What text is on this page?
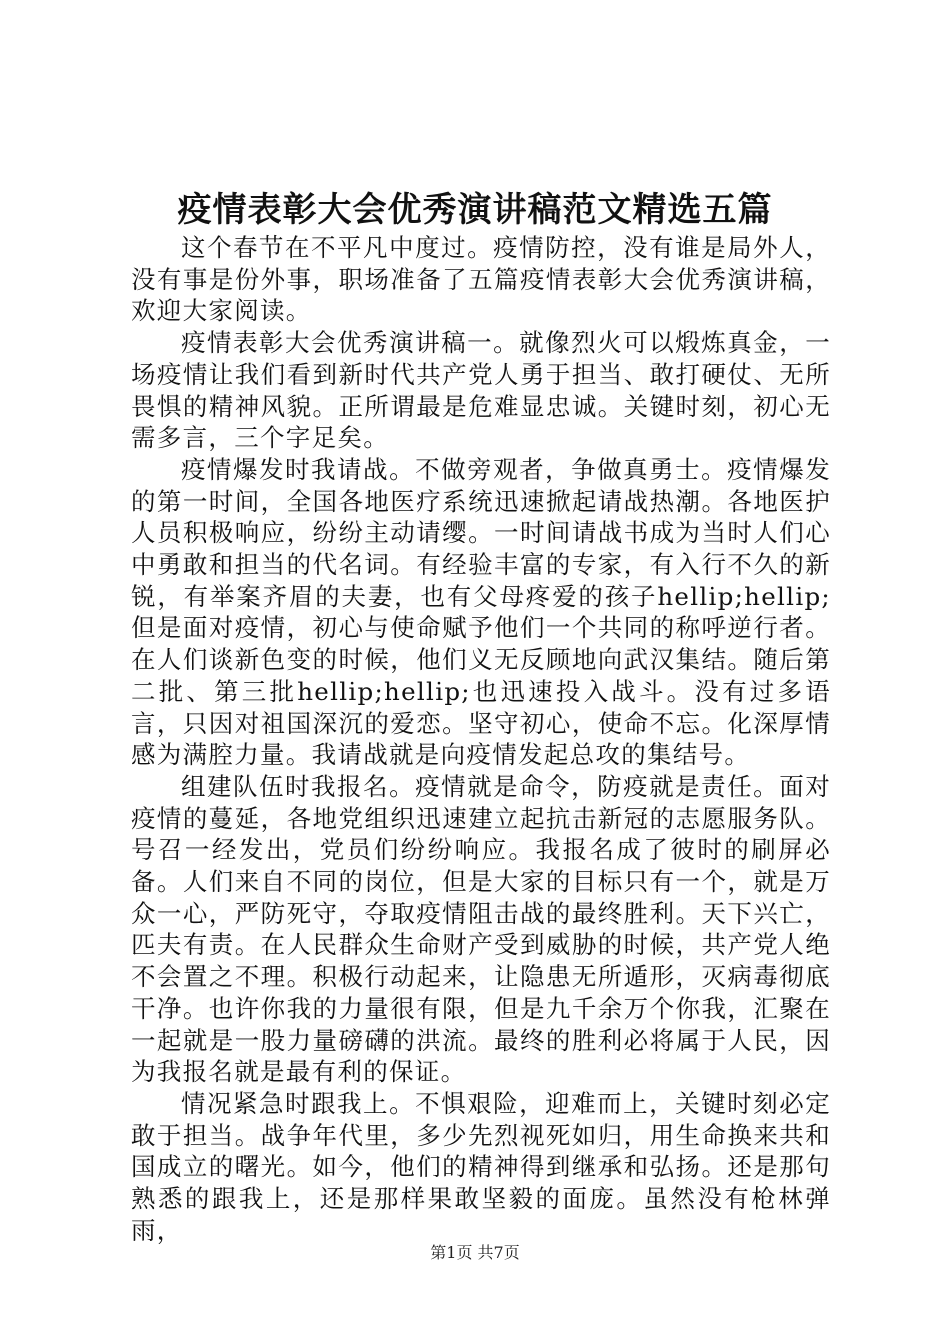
疫情表彰大会优秀演讲稿范文精选五篇

这个春节在不平凡中度过。疫情防控，没有谁是局外人，没有事是份外事，职场准备了五篇疫情表彰大会优秀演讲稿，欢迎大家阅读。

疫情表彰大会优秀演讲稿一。就像烈火可以煅炼真金，一场疫情让我们看到新时代共产党人勇于担当、敢打硬仗、无所畏惧的精神风貌。正所谓最是危难显忠诚。关键时刻，初心无需多言，三个字足矣。

疫情爆发时我请战。不做旁观者，争做真勇士。疫情爆发的第一时间，全国各地医疗系统迅速掀起请战热潮。各地医护人员积极响应，纷纷主动请缨。一时间请战书成为当时人们心中勇敢和担当的代名词。有经验丰富的专家，有入行不久的新锐，有举案齐眉的夫妻，也有父母疼爱的孩子hellip;hellip;但是面对疫情，初心与使命赋予他们一个共同的称呼逆行者。在人们谈新色变的时候，他们义无反顾地向武汉集结。随后第二批、第三批hellip;hellip;也迅速投入战斗。没有过多语言，只因对祖国深沉的爱恋。坚守初心，使命不忘。化深厚情感为满腔力量。我请战就是向疫情发起总攻的集结号。

组建队伍时我报名。疫情就是命令，防疫就是责任。面对疫情的蔓延，各地党组织迅速建立起抗击新冠的志愿服务队。号召一经发出，党员们纷纷响应。我报名成了彼时的刷屏必备。人们来自不同的岗位，但是大家的目标只有一个，就是万众一心，严防死守，夺取疫情阻击战的最终胜利。天下兴亡，匹夫有责。在人民群众生命财产受到威胁的时候，共产党人绝不会置之不理。积极行动起来，让隐患无所遁形，灭病毒彻底干净。也许你我的力量很有限，但是九千余万个你我，汇聚在一起就是一股力量磅礴的洪流。最终的胜利必将属于人民，因为我报名就是最有利的保证。

情况紧急时跟我上。不惧艰险，迎难而上，关键时刻必定敢于担当。战争年代里，多少先烈视死如归，用生命换来共和国成立的曙光。如今，他们的精神得到继承和弘扬。还是那句熟悉的跟我上，还是那样果敢坚毅的面庞。虽然没有枪林弹雨，

第1页 共7页
